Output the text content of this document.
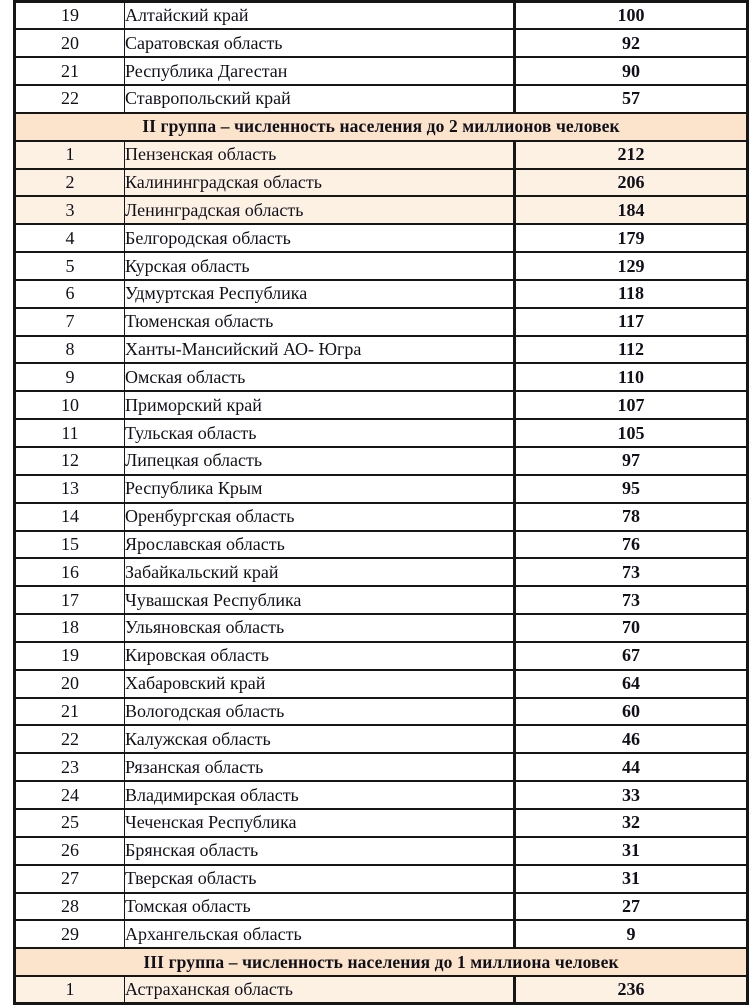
19	Алтайский край	100
20	Саратовская область	92
21	Республика Дагестан	90
22	Ставропольский край	57
II группа – численность населения до 2 миллионов человек		
1	Пензенская область	212
2	Калининградская область	206
3	Ленинградская область	184
4	Белгородская область	179
5	Курская область	129
6	Удмуртская Республика	118
7	Тюменская область	117
8	Ханты-Мансийский АО- Югра	112
9	Омская область	110
10	Приморский край	107
11	Тульская область	105
12	Липецкая область	97
13	Республика Крым	95
14	Оренбургская область	78
15	Ярославская область	76
16	Забайкальский край	73
17	Чувашская Республика	73
18	Ульяновская область	70
19	Кировская область	67
20	Хабаровский край	64
21	Вологодская область	60
22	Калужская область	46
23	Рязанская область	44
24	Владимирская область	33
25	Чеченская Республика	32
26	Брянская область	31
27	Тверская область	31
28	Томская область	27
29	Архангельская область	9
III группа – численность населения до 1 миллиона человек		
1	Астраханская область	236
